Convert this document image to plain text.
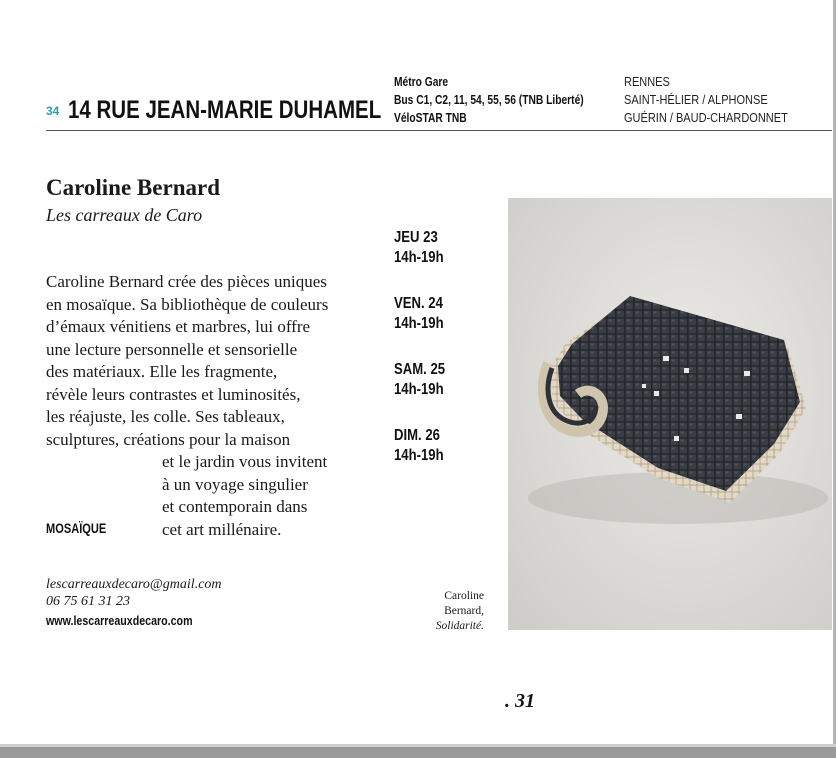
34 14 RUE JEAN-MARIE DUHAMEL
Métro Gare
Bus C1, C2, 11, 54, 55, 56 (TNB Liberté)
VéloSTAR TNB
RENNES
SAINT-HÉLIER / ALPHONSE
GUÉRIN / BAUD-CHARDONNET
Caroline Bernard
Les carreaux de Caro
JEU 23
14h-19h
VEN. 24
14h-19h
SAM. 25
14h-19h
DIM. 26
14h-19h
Caroline Bernard crée des pièces uniques
en mosaïque. Sa bibliothèque de couleurs
d’émaux vénitiens et marbres, lui offre
une lecture personnelle et sensorielle
des matériaux. Elle les fragmente,
révèle leurs contrastes et luminosités,
les réajuste, les colle. Ses tableaux,
sculptures, créations pour la maison
et le jardin vous invitent
à un voyage singulier
et contemporain dans
cet art millénaire.
MOSAÏQUE
lescarreauxdecaro@gmail.com
06 75 61 31 23
www.lescarreauxdecaro.com
Caroline
Bernard,
Solidarité.
. 31
